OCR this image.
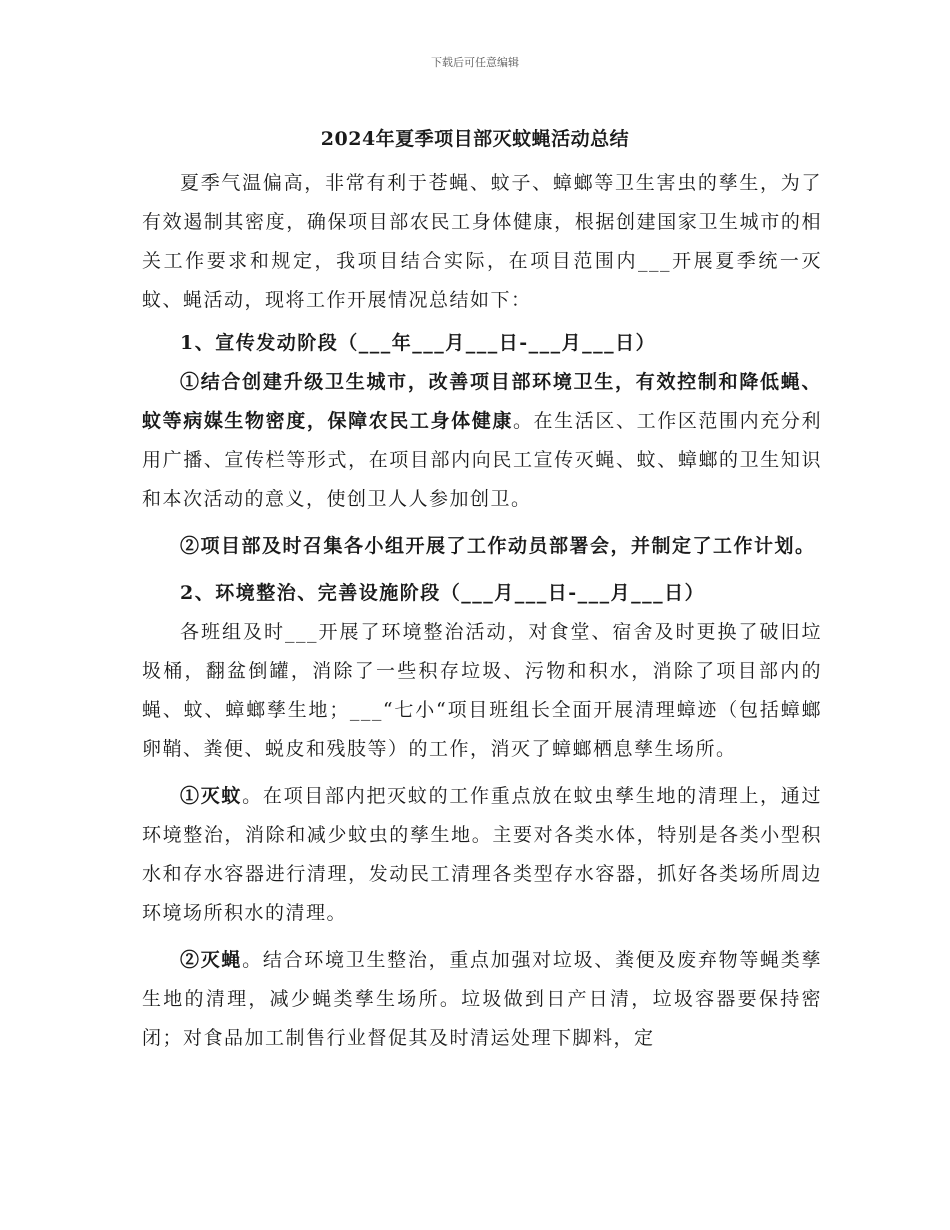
下载后可任意编辑
2024年夏季项目部灭蚊蝇活动总结

夏季气温偏高，非常有利于苍蝇、蚊子、蟑螂等卫生害虫的孳生，为了有效遏制其密度，确保项目部农民工身体健康，根据创建国家卫生城市的相关工作要求和规定，我项目结合实际，在项目范围内___开展夏季统一灭蚊、蝇活动，现将工作开展情况总结如下：

1、宣传发动阶段（___年___月___日-___月___日）

①结合创建升级卫生城市，改善项目部环境卫生，有效控制和降低蝇、蚊等病媒生物密度，保障农民工身体健康。在生活区、工作区范围内充分利用广播、宣传栏等形式，在项目部内向民工宣传灭蝇、蚊、蟑螂的卫生知识和本次活动的意义，使创卫人人参加创卫。

②项目部及时召集各小组开展了工作动员部署会，并制定了工作计划。

2、环境整治、完善设施阶段（___月___日-___月___日）

各班组及时___开展了环境整治活动，对食堂、宿舍及时更换了破旧垃圾桶，翻盆倒罐，消除了一些积存垃圾、污物和积水，消除了项目部内的蝇、蚊、蟑螂孳生地；___“七小“项目班组长全面开展清理蟑迹（包括蟑螂卵鞘、粪便、蜕皮和残肢等）的工作，消灭了蟑螂栖息孳生场所。

①灭蚊。在项目部内把灭蚊的工作重点放在蚊虫孳生地的清理上，通过环境整治，消除和减少蚊虫的孳生地。主要对各类水体，特别是各类小型积水和存水容器进行清理，发动民工清理各类型存水容器，抓好各类场所周边环境场所积水的清理。

②灭蝇。结合环境卫生整治，重点加强对垃圾、粪便及废弃物等蝇类孳生地的清理，减少蝇类孳生场所。垃圾做到日产日清，垃圾容器要保持密闭；对食品加工制售行业督促其及时清运处理下脚料，定
